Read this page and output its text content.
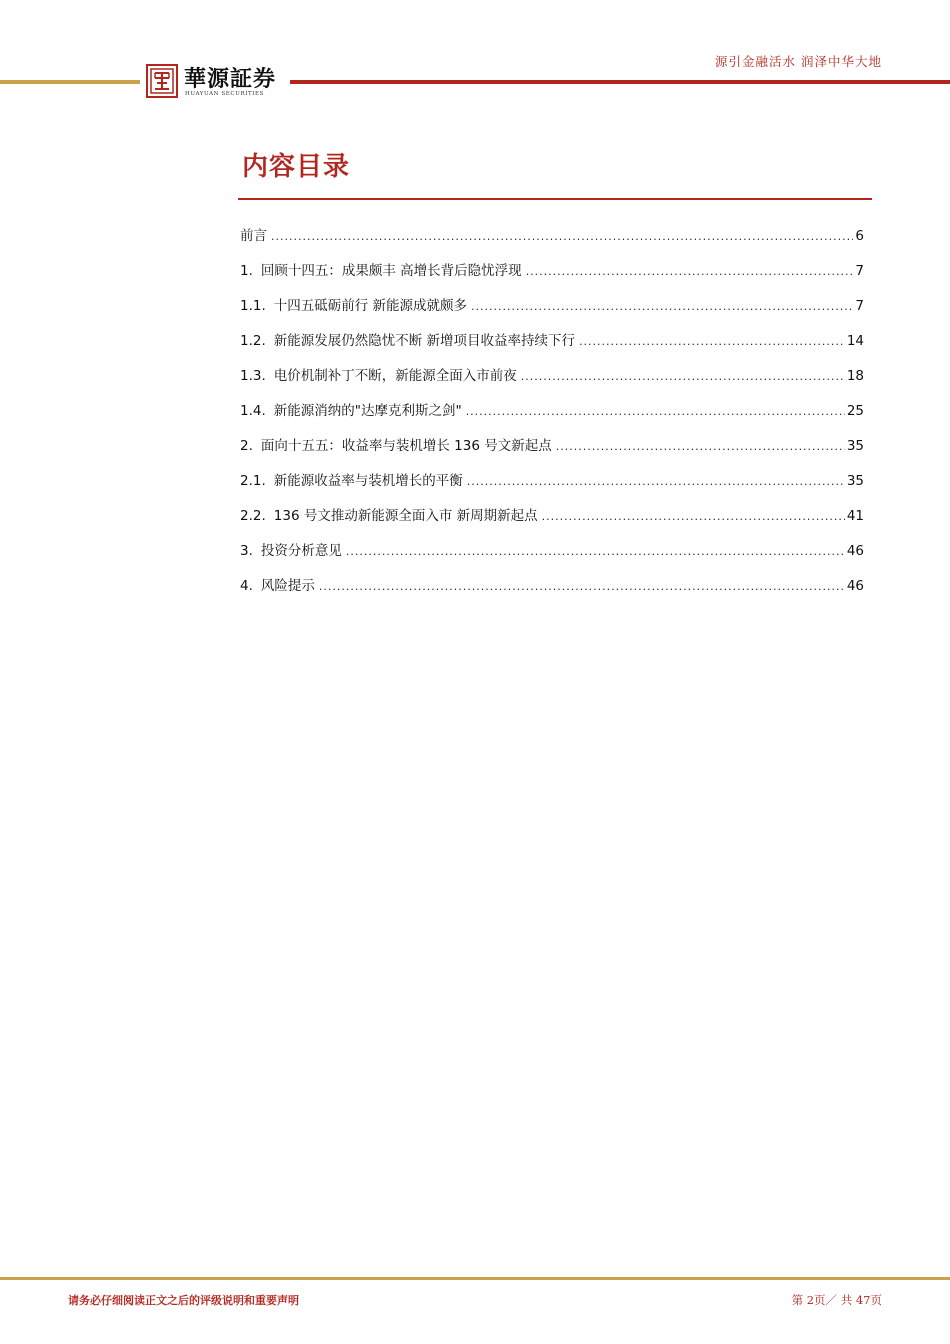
華源証券
HUAYUAN SECURITIES
源引金融活水 润泽中华大地
内容目录
前言 .....	6
1. 回顾十四五：成果颇丰 高增长背后隐忧浮现 .....	7
1.1. 十四五砥砺前行 新能源成就颇多 .....	7
1.2. 新能源发展仍然隐忧不断 新增项目收益率持续下行 .....	14
1.3. 电价机制补丁不断，新能源全面入市前夜 .....	18
1.4. 新能源消纳的"达摩克利斯之剑" .....	25
2. 面向十五五：收益率与装机增长 136 号文新起点 .....	35
2.1. 新能源收益率与装机增长的平衡 .....	35
2.2. 136 号文推动新能源全面入市 新周期新起点 .....	41
3. 投资分析意见 .....	46
4. 风险提示 .....	46
请务必仔细阅读正文之后的评级说明和重要声明	第 2页／ 共 47页
